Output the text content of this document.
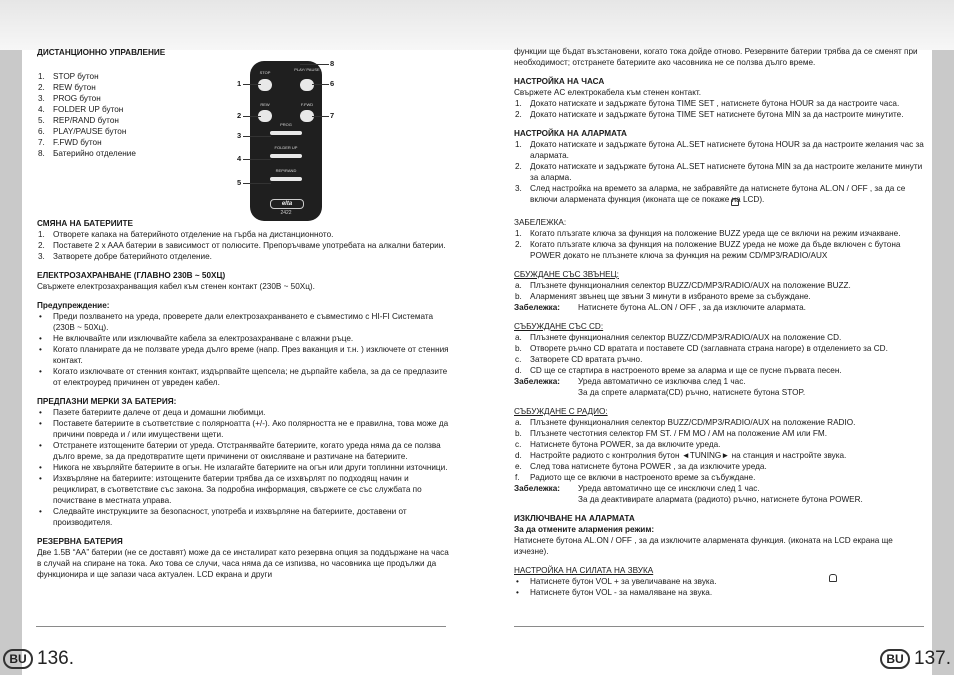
ДИСТАНЦИОННО УПРАВЛЕНИЕ

1. STOP бутон
2. REW бутон
3. PROG бутон
4. FOLDER UP бутон
5. REP/RAND бутон
6. PLAY/PAUSE бутон
7. F.FWD бутон
8. Батерийно отделение

СМЯНА НА БАТЕРИИТЕ

1. Отворете капака на батерийното отделение на гърба на дистанционното.
2. Поставете 2 x AAA батерии в зависимост от полюсите. Препоръчваме употребата на алкални батерии.
3. Затворете добре батерийното отделение.

ЕЛЕКТРОЗАХРАНВАНЕ (ГЛАВНО 230В ~ 50ХЦ)

Свържете електрозахранващия кабел към стенен контакт (230В ~ 50Хц).

Предупреждение:

• Преди позлването на уреда, проверете дали електрозахранването е съвместимо с HI-FI Системата (230В ~ 50Хц).
• Не включвайте или изключвайте кабела за електрозахранване с влажни ръце.
• Когато планирате да не ползвате уреда дълго време (напр. През ваканция и т.н. ) изключете от стенния контакт.
• Когато изключвате от стенния контакт, издърпвайте щепсела; не дърпайте кабела, за да се предпазите от електроуред причинен от увреден кабел.

ПРЕДПАЗНИ МЕРКИ ЗА БАТЕРИЯ:

• Пазете батериите далече от деца и домашни любимци.
• Поставете батериите в съответствие с полярноатта (+/-). Ако полярността не е правилна, това може да причини повреда и / или имуществени щети.
• Отстранете изтощените батерии от уреда. Отстранявайте батериите, когато уреда няма да се ползва дълго време, за да предотвратите щети причинени от окисляване и разтичане на батериите.
• Никога не хвърляйте батериите в огън. Не излагайте батериите на огън или други топлинни източници.
• Изхвърляне на батериите: изтощените батерии трябва да се изхвърлят по подходящ начин и рециклират, в съответствие със закона. За подробна информация, свържете се със службата по почистване в местната управа.
• Следвайте инструкциите за безопасност, употреба и изхвърляне на батериите, доставени от производителя.

РЕЗЕРВНА БАТЕРИЯ

Две 1.5В “AA” батерии (не се доставят) може да се инсталират като резервна опция за поддържане на часа в случай на спиране на тока. Ако това се случи, часа няма да се изпизва, но часовника ще продължи да функционира и ще запази часа актуален. LCD екрана и други

STOP
PLAY/ PAUSE
REW	F.FWD
PROG
FOLDER UP
REP/RAND
elta
2422
1
2
3
4
5
6
7
8

функции ще бъдат възстановени, когато тока дойде отново. Резервните батерии трябва да се сменят при необходимост; отстранете батериите ако часовника не се ползва дълго време.

НАСТРОЙКА НА ЧАСА

Свържете AC електрокабела към стенен контакт.

1. Докато натискате и задържате бутона TIME SET , натиснете бутона HOUR за да настроите часа.
2. Докато натискате и задържате бутона TIME SET натиснете бутона MIN за да настроите минутите.

НАСТРОЙКА НА АЛАРМАТА

1. Докато натискате и задържате бутона AL.SET натиснете бутона HOUR за да настроите желания час за алармата.
2. Докато натискате и задържате бутона AL.SET натиснете бутона MIN за да настроите желаните минути за аларма.
3. След настройка на времето за аларма, не забравяйте да натиснете бутона AL.ON / OFF , за да се включи алармената функция (иконата ще се покаже на LCD).

ЗАБЕЛЕЖКА:

1. Когато плъзгате ключа за функция на положение BUZZ уреда ще се включи на режим изчакване.
2. Когато плъзгате ключа за функция на положение BUZZ уреда не може да бъде включен с бутона POWER докато не плъзнете ключа за функция на режим CD/MP3/RADIO/AUX

СБУЖДАНЕ СЪС ЗВЪНЕЦ:

a. Плъзнете функционалния селектор BUZZ/CD/MP3/RADIO/AUX на положение BUZZ.
b. Алармeният звънец ще звъни 3 минути в избраното време за събуждане.
Забележка:	Натиснете бутона AL.ON / OFF , за да изключите алармата.

СЪБУЖДАНЕ СЪС CD:

a. Плъзнете функционалния селектор BUZZ/CD/MP3/RADIO/AUX на положение CD.
b. Отворете ръчно CD вратата и поставете CD (заглавната страна нагоре) в отделението за CD.
c. Затворете CD вратата ръчно.
d. CD ще се стартира в настроеното време за аларма и ще се пусне първата песен.
Забележка:	Уреда автоматично се изключва след 1 час.
За да спрете алармата(CD) ръчно, натиснете бутона STOP.

СЪБУЖДАНЕ С РАДИО:

a. Плъзнете функционалния селектор BUZZ/CD/MP3/RADIO/AUX на положение RADIO.
b. Плъзнете честотния селектор FM ST. / FM MO / AM на положение AM или FM.
c. Натиснете бутона POWER, за да включите уреда.
d. Настройте радиото с контролния бутон ◄TUNING► на станция и настройте звука.
e. След това натиснете бутона POWER , за да изключите уреда.
f. Радиото ще се включи в настроеното време за събуждане.
Забележка:	Уреда автоматично ще се инсключи след 1 час.
За да деактивирате алармата (радиото) ръчно, натиснете бутона POWER.

ИЗКЛЮЧВАНЕ НА АЛАРМАТА

За да отмените алармения режим:

Натиснете бутона AL.ON / OFF , за да изключите алармената функция. (иконата на LCD екрана ще изчезне).

НАСТРОЙКА НА СИЛАТА НА ЗВУКА

• Натиснете бутон VOL + за увеличаване на звука.
• Натиснете бутон VOL - за намаляване на звука.
BU 136.	BU 137.
